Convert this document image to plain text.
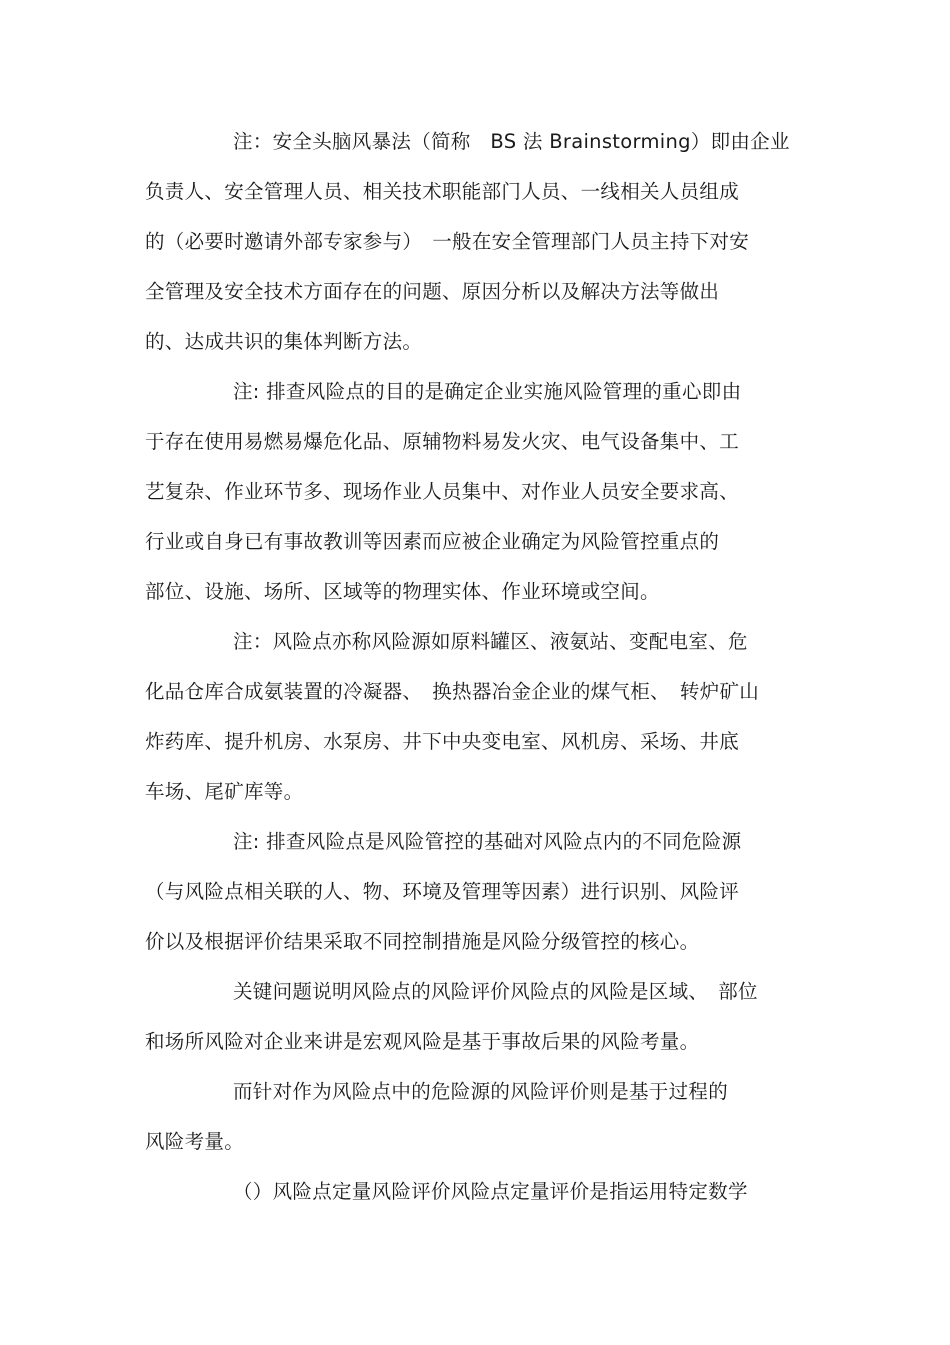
注：安全头脑风暴法（简称　BS 法 Brainstorming）即由企业
负责人、安全管理人员、相关技术职能部门人员、一线相关人员组成
的（必要时邀请外部专家参与）　一般在安全管理部门人员主持下对安
全管理及安全技术方面存在的问题、原因分析以及解决方法等做出
的、达成共识的集体判断方法。
注: 排查风险点的目的是确定企业实施风险管理的重心即由
于存在使用易燃易爆危化品、原辅物料易发火灾、电气设备集中、工
艺复杂、作业环节多、现场作业人员集中、对作业人员安全要求高、
行业或自身已有事故教训等因素而应被企业确定为风险管控重点的
部位、设施、场所、区域等的物理实体、作业环境或空间。
注：风险点亦称风险源如原料罐区、液氨站、变配电室、危
化品仓库合成氨装置的冷凝器、　换热器冶金企业的煤气柜、　转炉矿山
炸药库、提升机房、水泵房、井下中央变电室、风机房、采场、井底
车场、尾矿库等。
注: 排查风险点是风险管控的基础对风险点内的不同危险源
（与风险点相关联的人、物、环境及管理等因素）进行识别、风险评
价以及根据评价结果采取不同控制措施是风险分级管控的核心。
关键问题说明风险点的风险评价风险点的风险是区域、　部位
和场所风险对企业来讲是宏观风险是基于事故后果的风险考量。
而针对作为风险点中的危险源的风险评价则是基于过程的
风险考量。
（）风险点定量风险评价风险点定量评价是指运用特定数学
